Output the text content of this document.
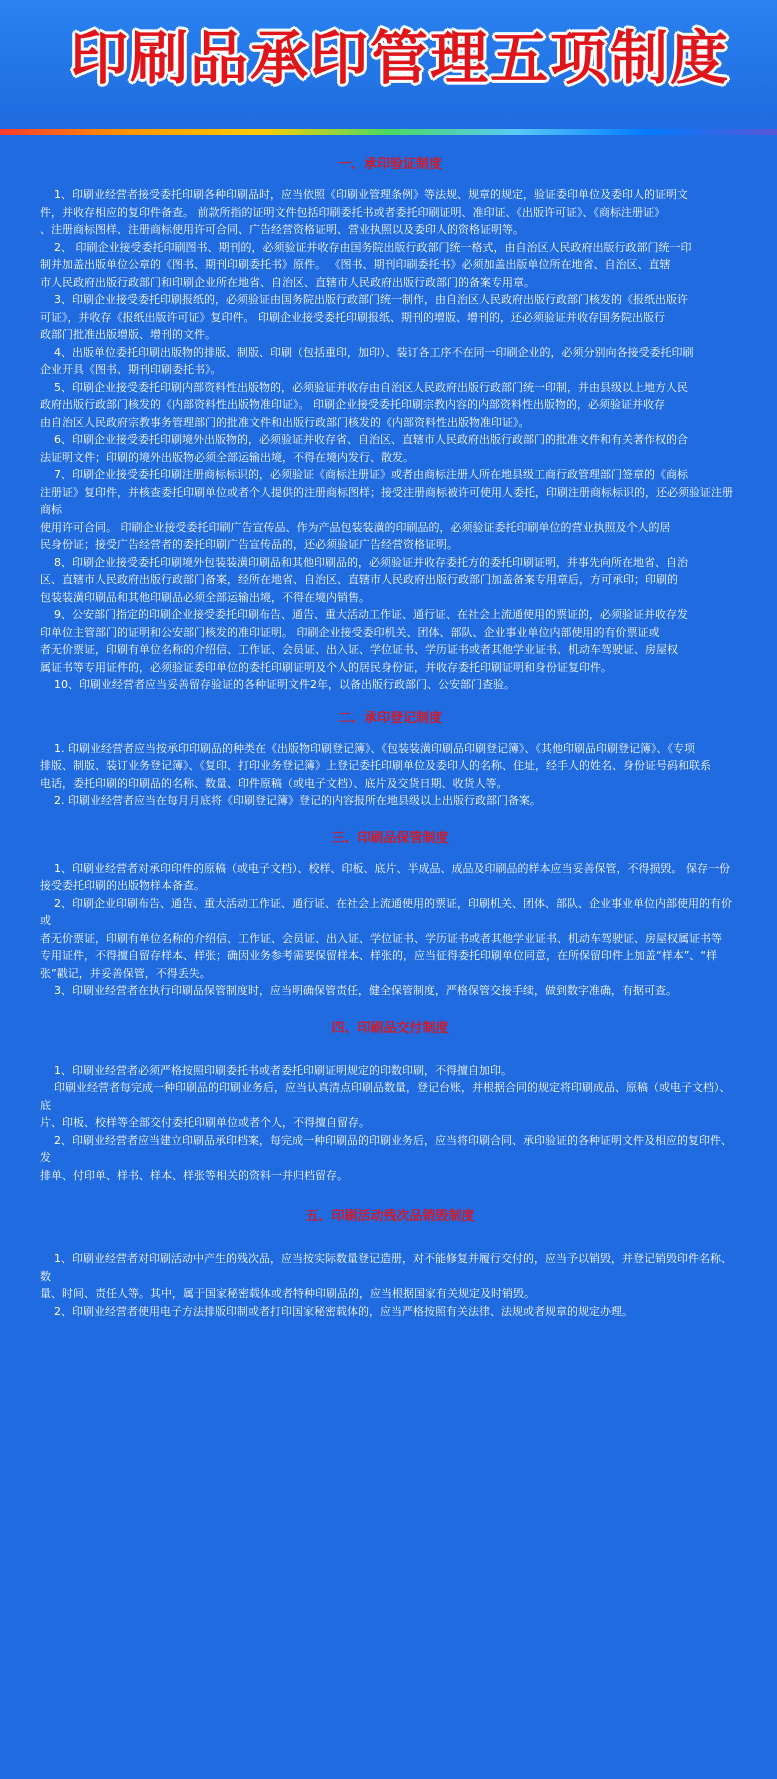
印刷品承印管理五项制度
一、承印验证制度
1、印刷业经营者接受委托印刷各种印刷品时，应当依照《印刷业管理条例》等法规、规章的规定，验证委印单位及委印人的证明文
件，并收存相应的复印件备查。 前款所指的证明文件包括印刷委托书或者委托印刷证明、准印证、《出版许可证》、《商标注册证》
、注册商标图样、注册商标使用许可合同、广告经营资格证明、营业执照以及委印人的资格证明等。
2、 印刷企业接受委托印刷图书、期刊的，必须验证并收存由国务院出版行政部门统一格式，由自治区人民政府出版行政部门统一印
制并加盖出版单位公章的《图书、期刊印刷委托书》原件。 《图书、期刊印刷委托书》必须加盖出版单位所在地省、自治区、直辖
市人民政府出版行政部门和印刷企业所在地省、自治区、直辖市人民政府出版行政部门的备案专用章。
3、印刷企业接受委托印刷报纸的，必须验证由国务院出版行政部门统一制作，由自治区人民政府出版行政部门核发的《报纸出版许
可证》，并收存《报纸出版许可证》复印件。 印刷企业接受委托印刷报纸、期刊的增版、增刊的，还必须验证并收存国务院出版行
政部门批准出版增版、增刊的文件。
4、出版单位委托印刷出版物的排版、制版、印刷（包括重印，加印）、装订各工序不在同一印刷企业的，必须分别向各接受委托印刷
企业开具《图书、期刊印刷委托书》。
5、印刷企业接受委托印刷内部资料性出版物的，必须验证并收存由自治区人民政府出版行政部门统一印制，并由县级以上地方人民
政府出版行政部门核发的《内部资料性出版物准印证》。 印刷企业接受委托印刷宗教内容的内部资料性出版物的，必须验证并收存
由自治区人民政府宗教事务管理部门的批准文件和出版行政部门核发的《内部资料性出版物准印证》。
6、印刷企业接受委托印刷境外出版物的，必须验证并收存省、自治区、直辖市人民政府出版行政部门的批准文件和有关著作权的合
法证明文件；印刷的境外出版物必须全部运输出境，不得在境内发行、散发。
7、印刷企业接受委托印刷注册商标标识的，必须验证《商标注册证》或者由商标注册人所在地县级工商行政管理部门签章的《商标
注册证》复印件，并核查委托印刷单位或者个人提供的注册商标图样；接受注册商标被许可使用人委托，印刷注册商标标识的，还必须验证注册商标
使用许可合同。 印刷企业接受委托印刷广告宣传品、作为产品包装装潢的印刷品的，必须验证委托印刷单位的营业执照及个人的居
民身份证；接受广告经营者的委托印刷广告宣传品的，还必须验证广告经营资格证明。
8、印刷企业接受委托印刷境外包装装潢印刷品和其他印刷品的，必须验证并收存委托方的委托印刷证明，并事先向所在地省、自治
区、直辖市人民政府出版行政部门备案，经所在地省、自治区、直辖市人民政府出版行政部门加盖备案专用章后，方可承印；印刷的
包装装潢印刷品和其他印刷品必须全部运输出境，不得在境内销售。
9、公安部门指定的印刷企业接受委托印刷布告、通告、重大活动工作证、通行证、在社会上流通使用的票证的，必须验证并收存发
印单位主管部门的证明和公安部门核发的准印证明。 印刷企业接受委印机关、团体、部队、企业事业单位内部使用的有价票证或
者无价票证，印刷有单位名称的介绍信、工作证、会员证、出入证、学位证书、学历证书或者其他学业证书、机动车驾驶证、房屋权
属证书等专用证件的，必须验证委印单位的委托印刷证明及个人的居民身份证，并收存委托印刷证明和身份证复印件。
10、印刷业经营者应当妥善留存验证的各种证明文件2年，以备出版行政部门、公安部门查验。
二、承印登记制度
1. 印刷业经营者应当按承印印刷品的种类在《出版物印刷登记簿》、《包装装潢印刷品印刷登记簿》、《其他印刷品印刷登记簿》、《专项
排版、制版、装订业务登记簿》、《复印、打印业务登记簿》上登记委托印刷单位及委印人的名称、住址，经手人的姓名、身份证号码和联系
电话，委托印刷的印刷品的名称、数量、印件原稿（或电子文档）、底片及交货日期、收货人等。
2. 印刷业经营者应当在每月月底将《印刷登记簿》登记的内容报所在地县级以上出版行政部门备案。
三、印刷品保管制度
1、印刷业经营者对承印印件的原稿（或电子文档）、校样、印板、底片、半成品、成品及印刷品的样本应当妥善保管，不得损毁。 保存一份
接受委托印刷的出版物样本备查。
2、印刷企业印刷布告、通告、重大活动工作证、通行证、在社会上流通使用的票证，印刷机关、团体、部队、企业事业单位内部使用的有价或
者无价票证，印刷有单位名称的介绍信、工作证、会员证、出入证、学位证书、学历证书或者其他学业证书、机动车驾驶证、房屋权属证书等
专用证件，不得擅自留存样本、样张；确因业务参考需要保留样本、样张的，应当征得委托印刷单位同意，在所保留印件上加盖“样本”、“样
张”戳记，并妥善保管，不得丢失。
3、印刷业经营者在执行印刷品保管制度时，应当明确保管责任，健全保管制度，严格保管交接手续，做到数字准确，有据可查。
四、印刷品交付制度
1、印刷业经营者必须严格按照印刷委托书或者委托印刷证明规定的印数印刷，不得擅自加印。
印刷业经营者每完成一种印刷品的印刷业务后，应当认真清点印刷品数量，登记台账，并根据合同的规定将印刷成品、原稿（或电子文档）、底
片、印板、校样等全部交付委托印刷单位或者个人，不得擅自留存。
2、印刷业经营者应当建立印刷品承印档案，每完成一种印刷品的印刷业务后，应当将印刷合同、承印验证的各种证明文件及相应的复印件、发
排单、付印单、样书、样本、样张等相关的资料一并归档留存。
五、印刷活动残次品销毁制度
1、印刷业经营者对印刷活动中产生的残次品，应当按实际数量登记造册，对不能修复并履行交付的，应当予以销毁，并登记销毁印件名称、数
量、时间、责任人等。其中，属于国家秘密载体或者特种印刷品的，应当根据国家有关规定及时销毁。
2、印刷业经营者使用电子方法排版印制或者打印国家秘密载体的，应当严格按照有关法律、法规或者规章的规定办理。
